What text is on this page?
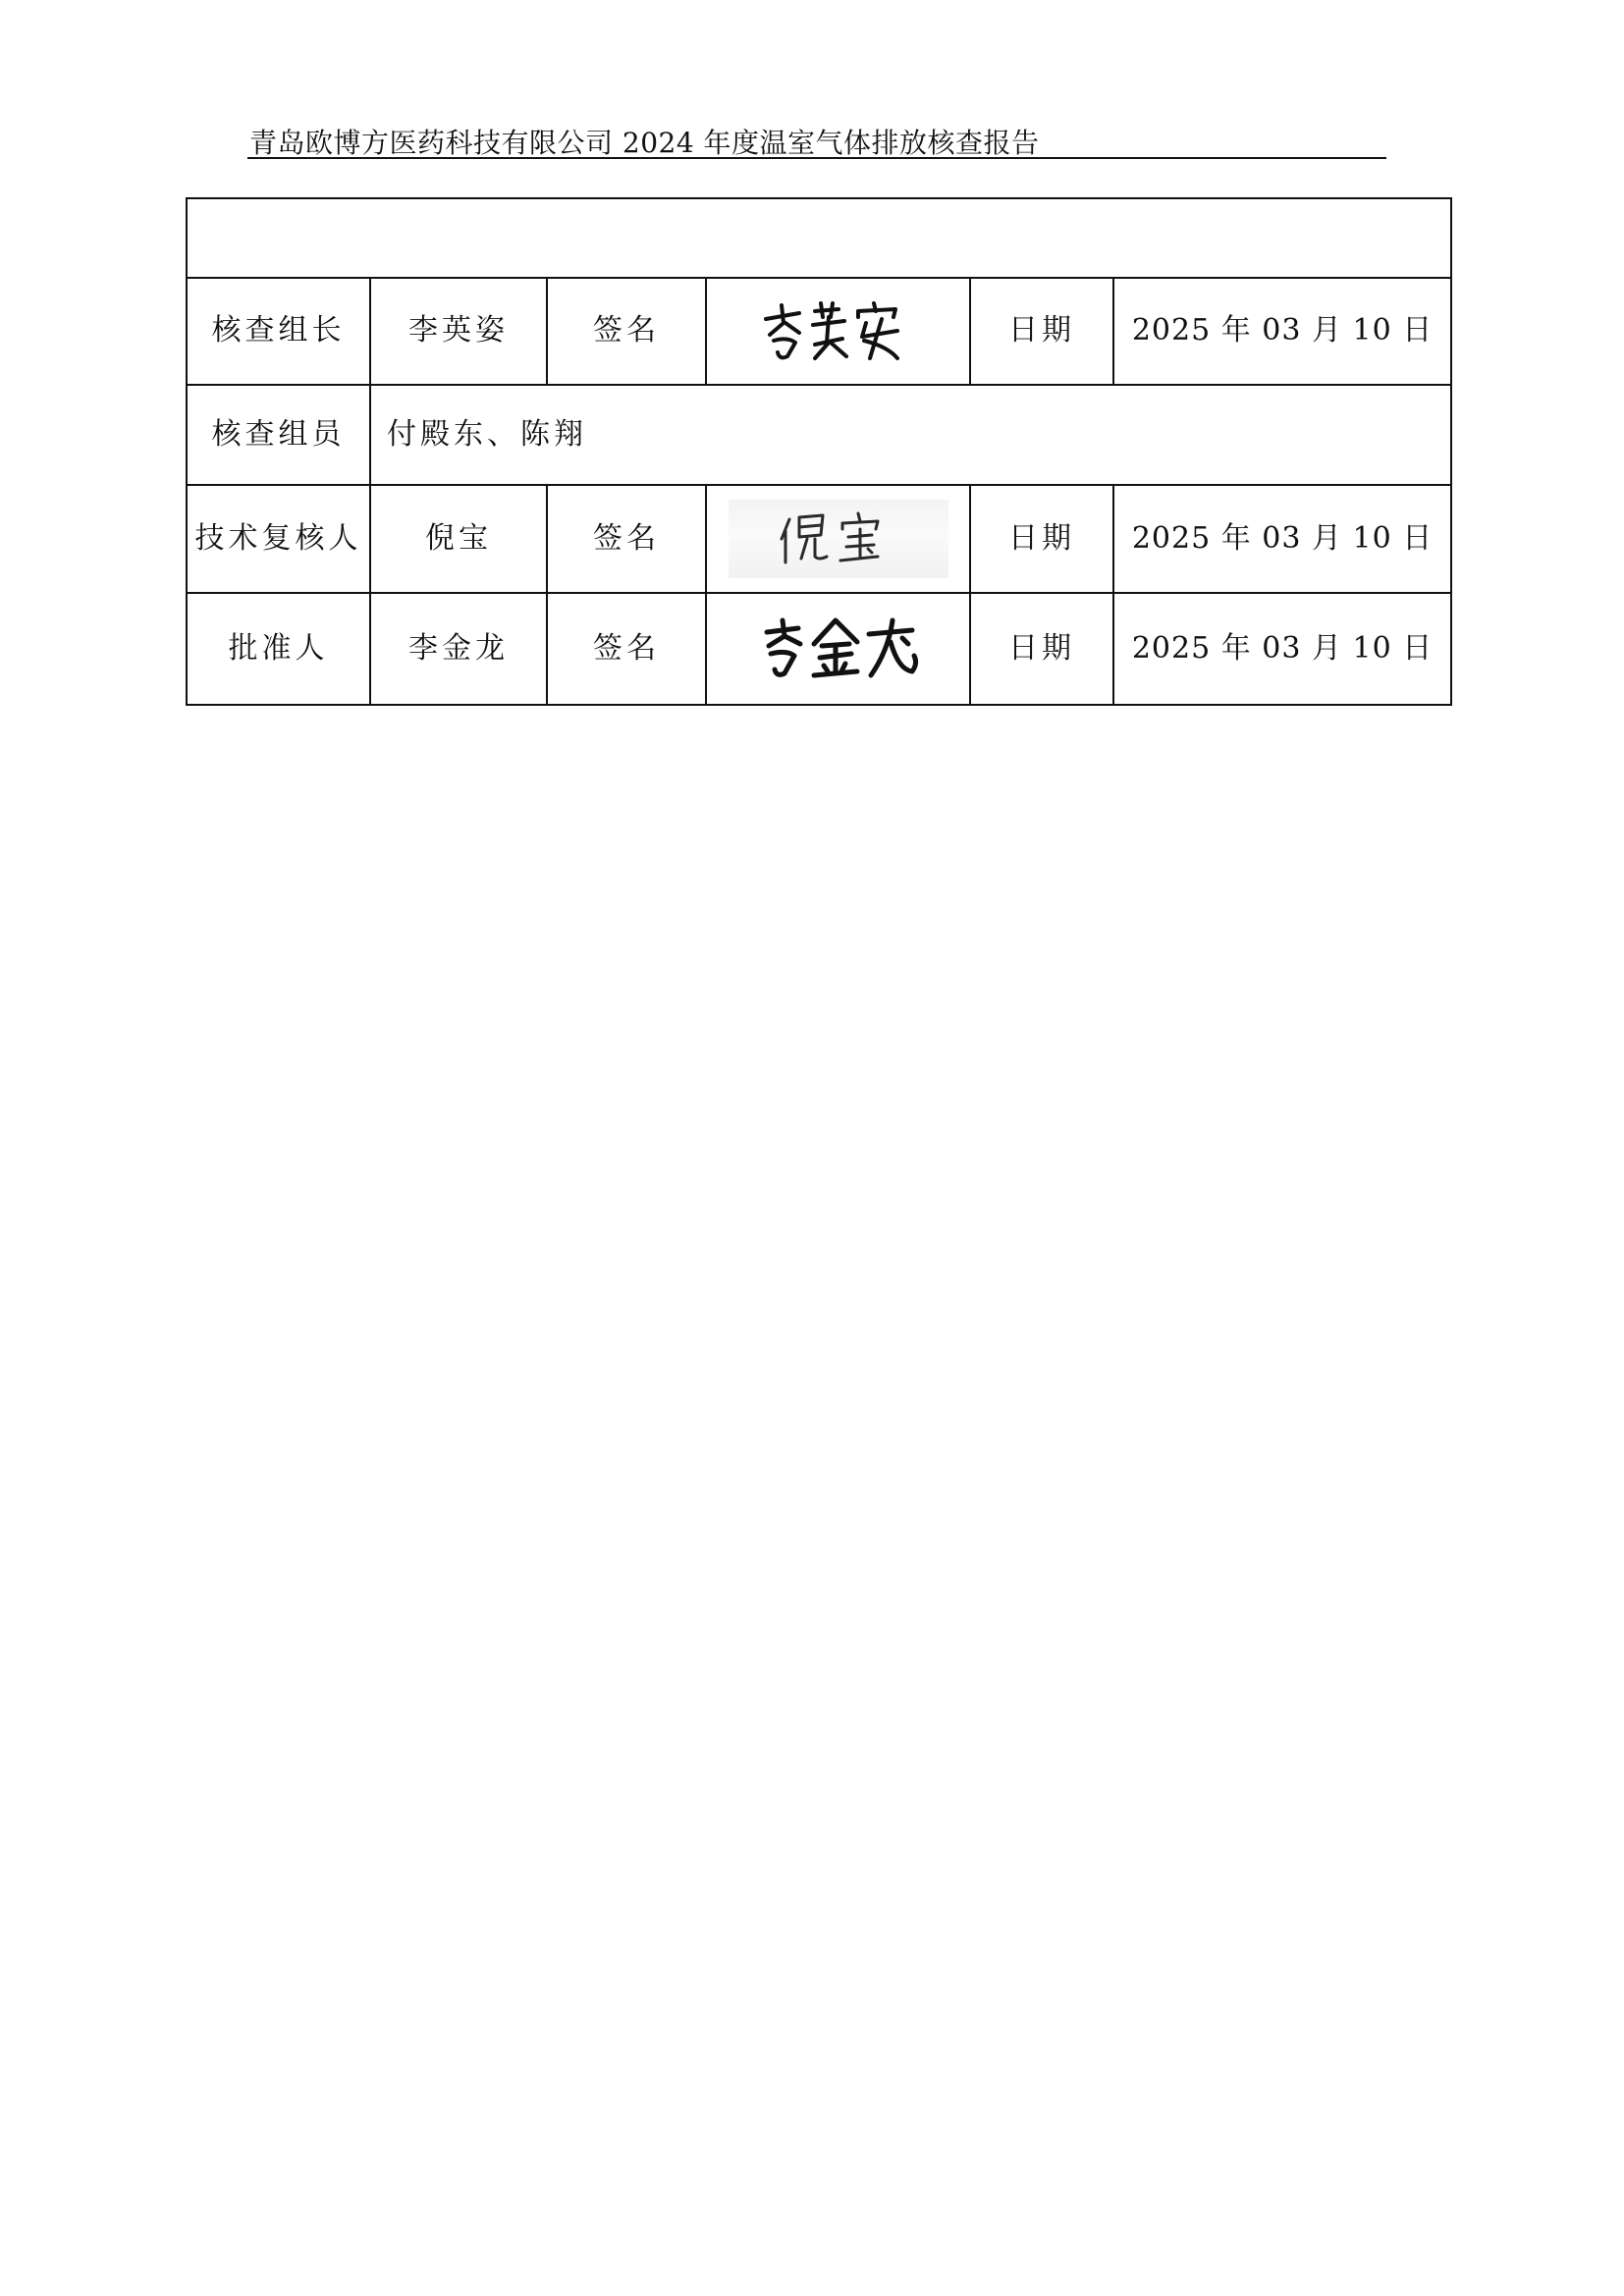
青岛欧博方医药科技有限公司 2024 年度温室气体排放核查报告

核查组长	李英姿	签名		日期	2025 年 03 月 10 日
核查组员	付殿东、陈翔				
技术复核人	倪宝	签名		日期	2025 年 03 月 10 日
批准人	李金龙	签名		日期	2025 年 03 月 10 日
